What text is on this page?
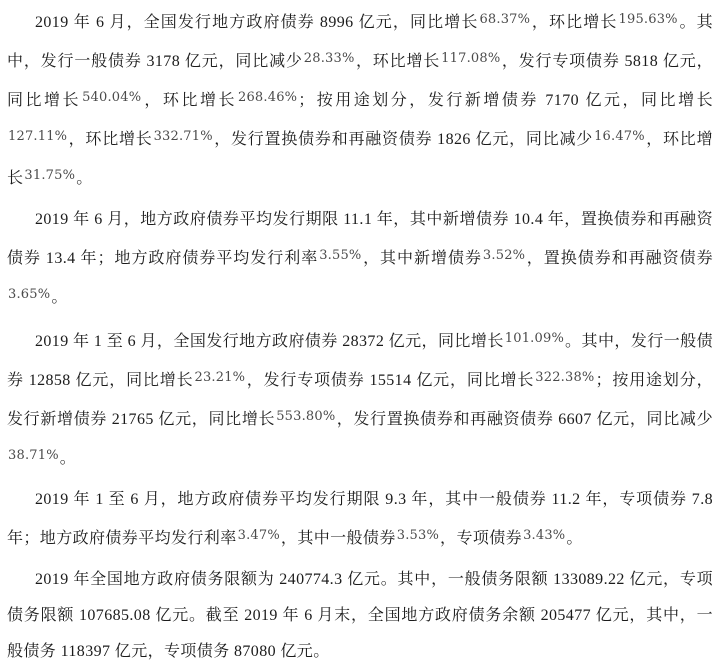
2019 年 6 月，全国发行地方政府债券 8996 亿元，同比增长$^{68.37\%}$，环比增长$^{195.63\%}$。其中，发行一般债券 3178 亿元，同比减少$^{28.33\%}$，环比增长$^{117.08\%}$，发行专项债券 5818 亿元，同比增长$^{540.04\%}$，环比增长$^{268.46\%}$；按用途划分，发行新增债券 7170 亿元，同比增长$^{127.11\%}$，环比增长$^{332.71\%}$，发行置换债券和再融资债券 1826 亿元，同比减少$^{16.47\%}$，环比增长$^{31.75\%}$。

2019 年 6 月，地方政府债券平均发行期限 11.1 年，其中新增债券 10.4 年，置换债券和再融资债券 13.4 年；地方政府债券平均发行利率$^{3.55\%}$，其中新增债券$^{3.52\%}$，置换债券和再融资债券$^{3.65\%}$。

2019 年 1 至 6 月，全国发行地方政府债券 28372 亿元，同比增长$^{101.09\%}$。其中，发行一般债券 12858 亿元，同比增长$^{23.21\%}$，发行专项债券 15514 亿元，同比增长$^{322.38\%}$；按用途划分，发行新增债券 21765 亿元，同比增长$^{553.80\%}$，发行置换债券和再融资债券 6607 亿元，同比减少$^{38.71\%}$。

2019 年 1 至 6 月，地方政府债券平均发行期限 9.3 年，其中一般债券 11.2 年，专项债券 7.8 年；地方政府债券平均发行利率$^{3.47\%}$，其中一般债券$^{3.53\%}$，专项债券$^{3.43\%}$。

2019 年全国地方政府债务限额为 240774.3 亿元。其中，一般债务限额 133089.22 亿元，专项债务限额 107685.08 亿元。截至 2019 年 6 月末，全国地方政府债务余额 205477 亿元，其中，一般债务 118397 亿元，专项债务 87080 亿元。
